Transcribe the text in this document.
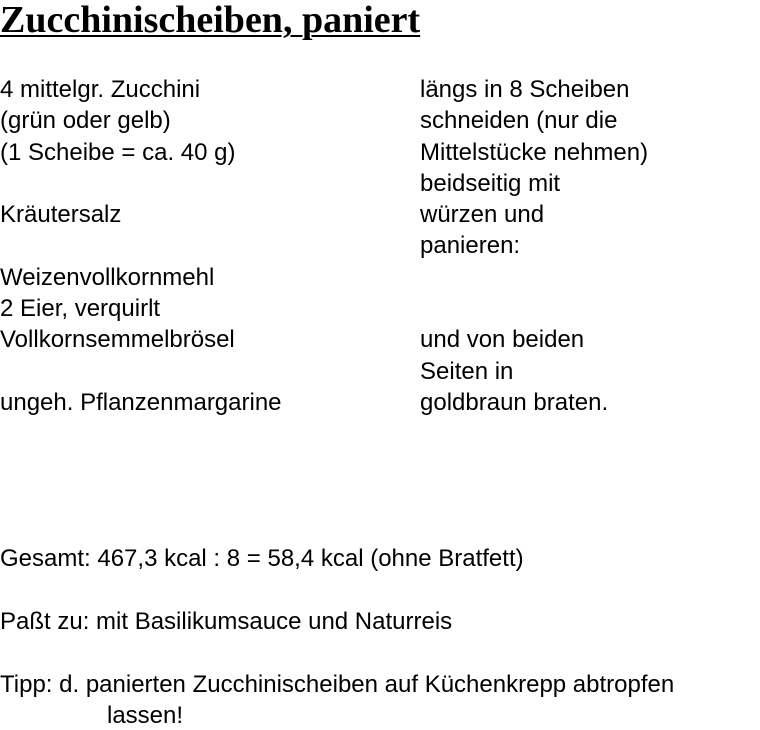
Zucchinischeiben, paniert

4 mittelgr. Zucchini

(grün oder gelb)

(1 Scheibe = ca. 40 g)

Kräutersalz

Weizenvollkornmehl

2 Eier, verquirlt

Vollkornsemmelbrösel

ungeh. Pflanzenmargarine

längs in 8 Scheiben

schneiden (nur die

Mittelstücke nehmen)

beidseitig mit

würzen und

panieren:

und von beiden

Seiten in

goldbraun braten.

Gesamt: 467,3 kcal : 8 = 58,4 kcal (ohne Bratfett)

Paßt zu: mit Basilikumsauce und Naturreis

Tipp: d. panierten Zucchinischeiben auf Küchenkrepp abtropfen

lassen!
